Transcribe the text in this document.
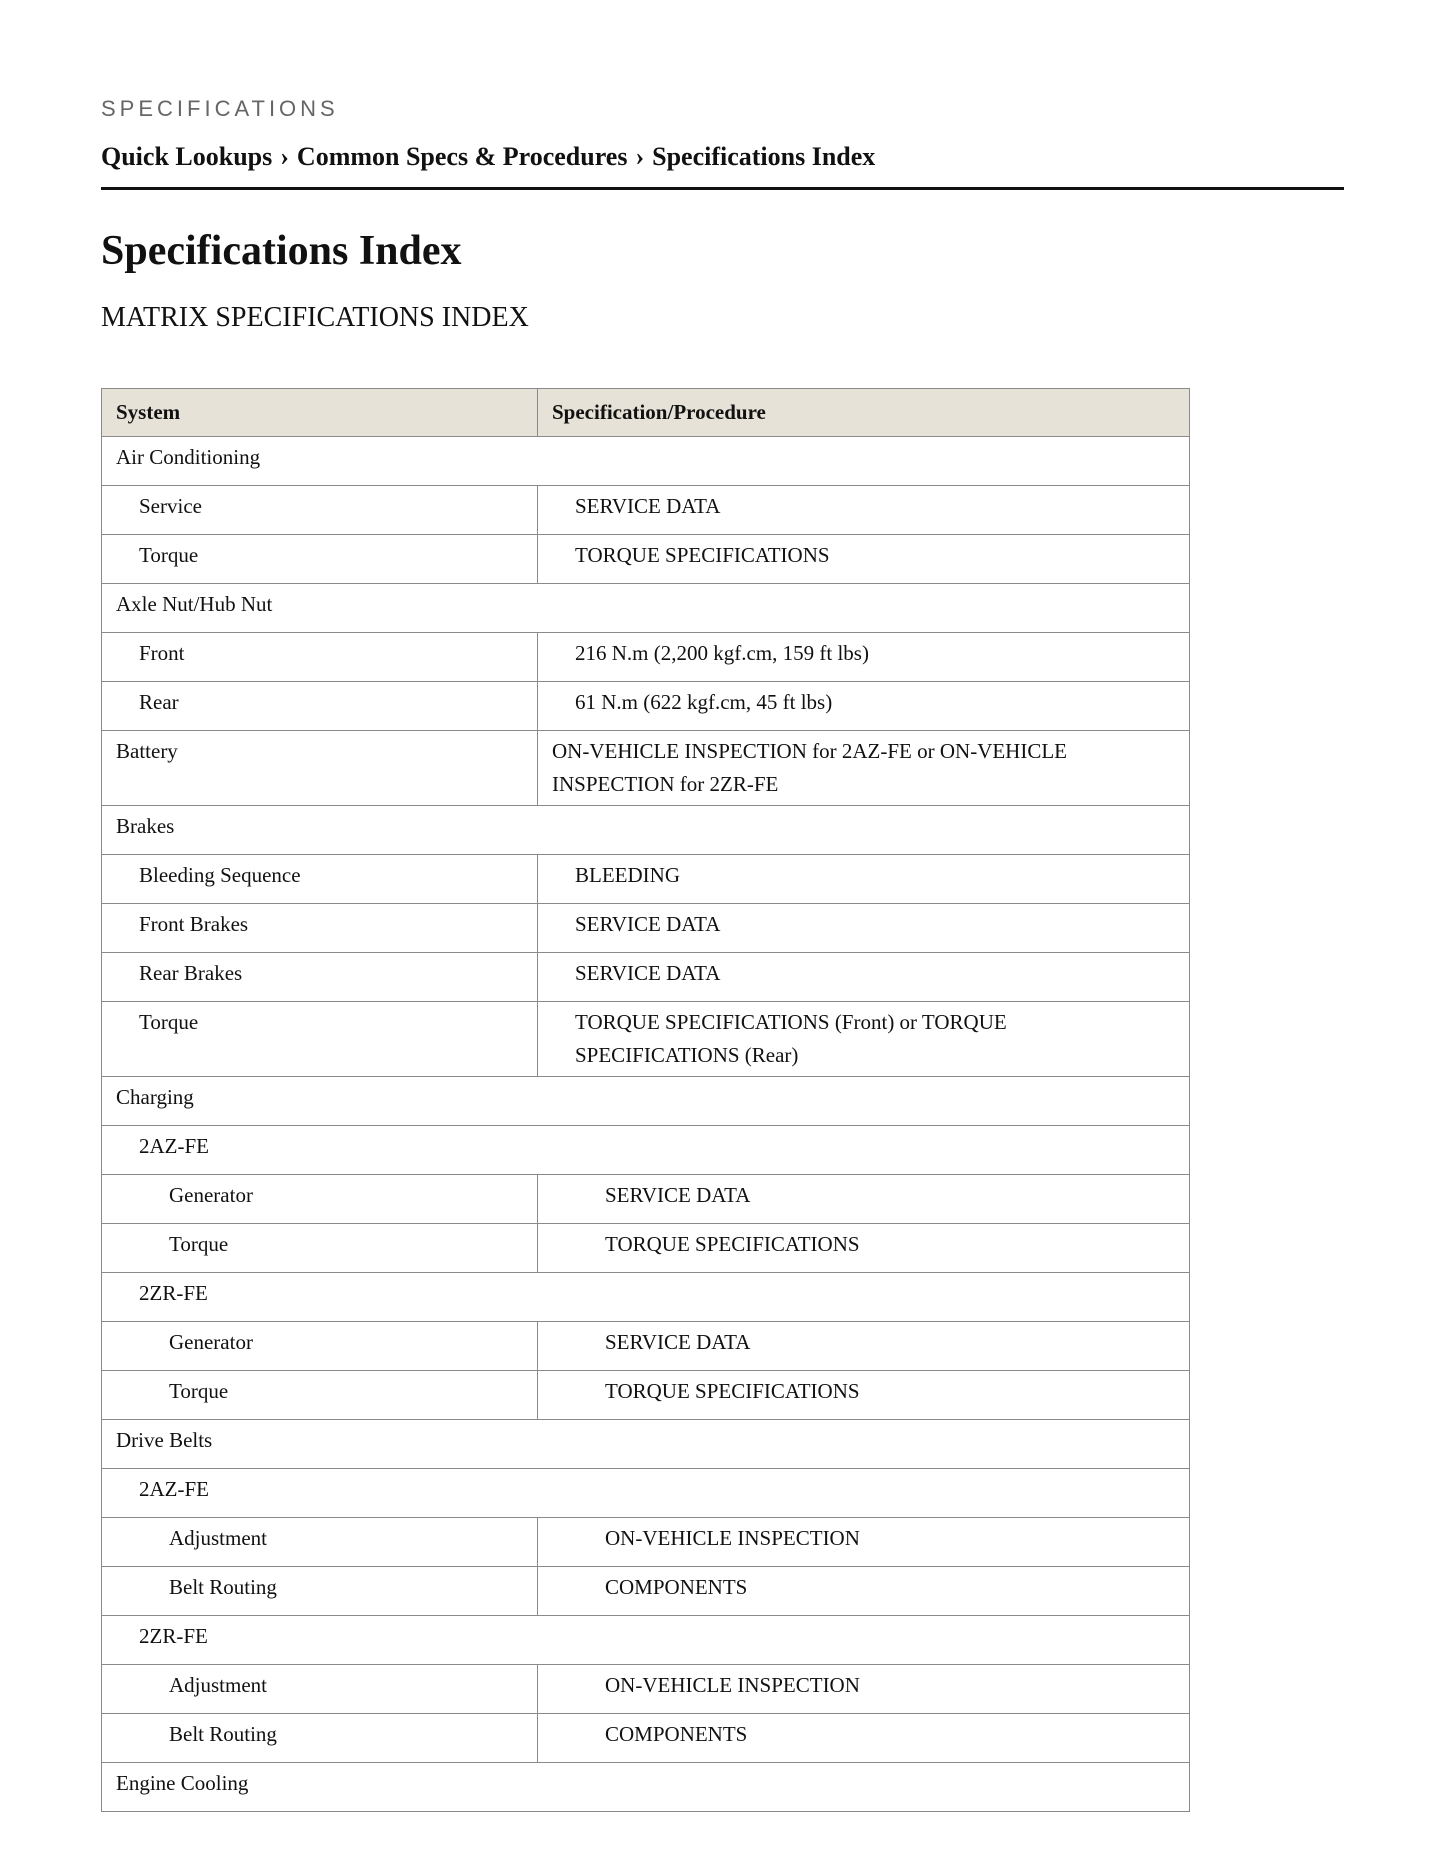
SPECIFICATIONS
Quick Lookups › Common Specs & Procedures › Specifications Index
Specifications Index
MATRIX SPECIFICATIONS INDEX
System	Specification/Procedure
Air Conditioning	
Service	SERVICE DATA
Torque	TORQUE SPECIFICATIONS
Axle Nut/Hub Nut	
Front	216 N.m (2,200 kgf.cm, 159 ft lbs)
Rear	61 N.m (622 kgf.cm, 45 ft lbs)
Battery	ON-VEHICLE INSPECTION for 2AZ-FE or ON-VEHICLE INSPECTION for 2ZR-FE
Brakes	
Bleeding Sequence	BLEEDING
Front Brakes	SERVICE DATA
Rear Brakes	SERVICE DATA
Torque	TORQUE SPECIFICATIONS (Front) or TORQUE SPECIFICATIONS (Rear)
Charging	
2AZ-FE	
Generator	SERVICE DATA
Torque	TORQUE SPECIFICATIONS
2ZR-FE	
Generator	SERVICE DATA
Torque	TORQUE SPECIFICATIONS
Drive Belts	
2AZ-FE	
Adjustment	ON-VEHICLE INSPECTION
Belt Routing	COMPONENTS
2ZR-FE	
Adjustment	ON-VEHICLE INSPECTION
Belt Routing	COMPONENTS
Engine Cooling	
